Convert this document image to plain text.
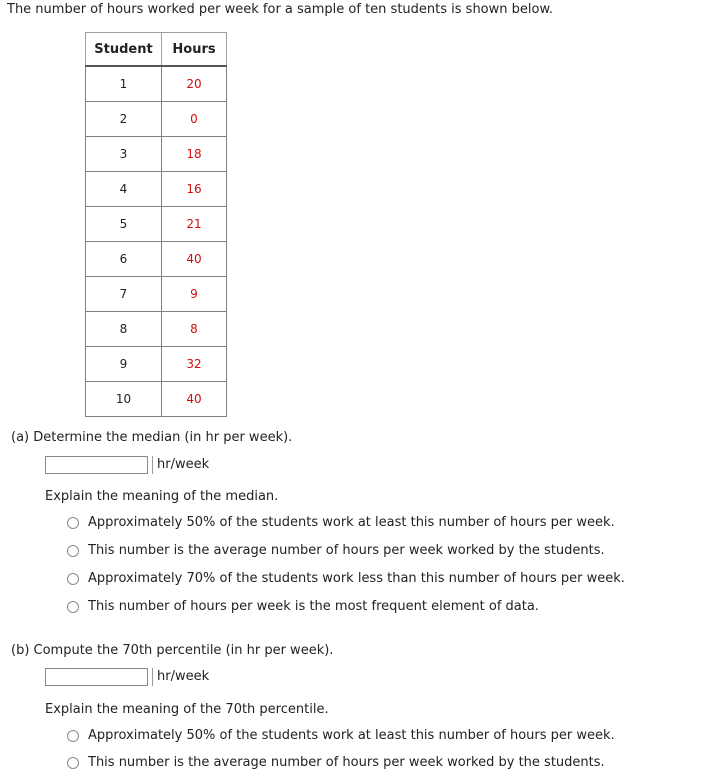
The number of hours worked per week for a sample of ten students is shown below.
Student	Hours
1	20
2	0
3	18
4	16
5	21
6	40
7	9
8	8
9	32
10	40
(a) Determine the median (in hr per week).
hr/week
Explain the meaning of the median.
Approximately 50% of the students work at least this number of hours per week.
This number is the average number of hours per week worked by the students.
Approximately 70% of the students work less than this number of hours per week.
This number of hours per week is the most frequent element of data.
(b) Compute the 70th percentile (in hr per week).
hr/week
Explain the meaning of the 70th percentile.
Approximately 50% of the students work at least this number of hours per week.
This number is the average number of hours per week worked by the students.
